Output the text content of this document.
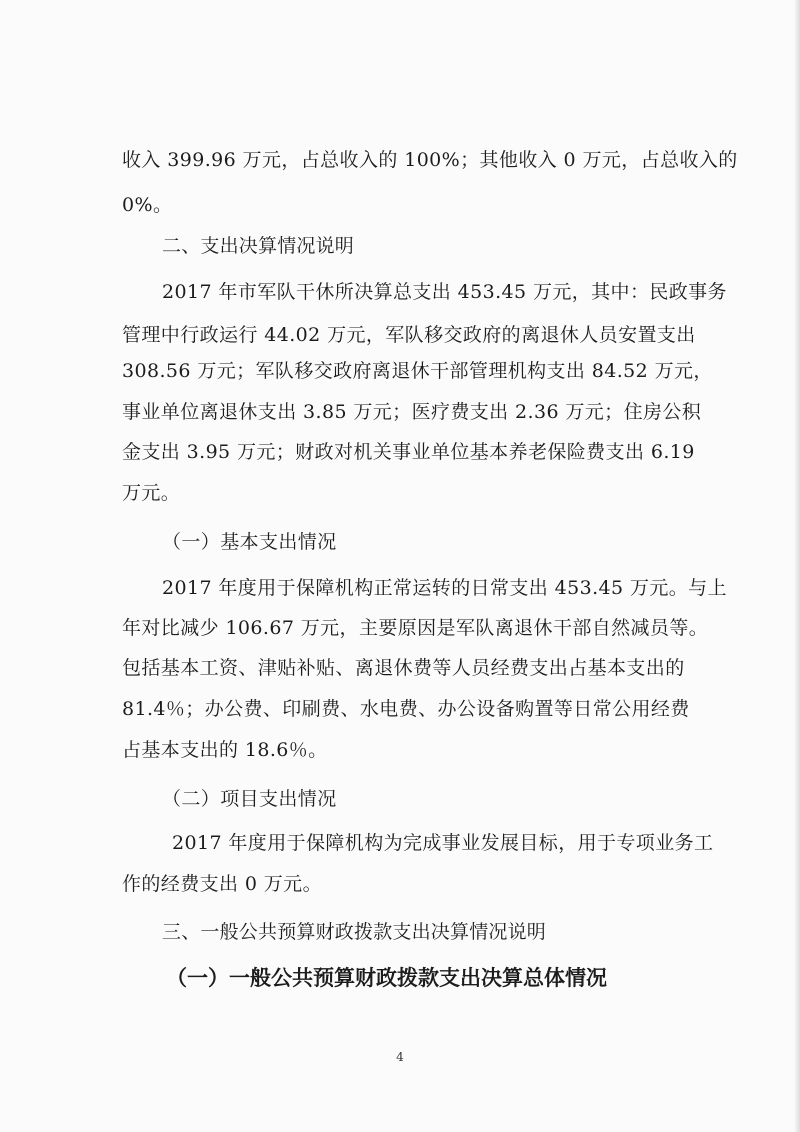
收入 399.96 万元，占总收入的 100%；其他收入 0 万元，占总收入的
0%。
二、支出决算情况说明
2017 年市军队干休所决算总支出 453.45 万元，其中：民政事务
管理中行政运行 44.02 万元，军队移交政府的离退休人员安置支出
308.56 万元；军队移交政府离退休干部管理机构支出 84.52 万元，
事业单位离退休支出 3.85 万元；医疗费支出 2.36 万元；住房公积
金支出 3.95 万元；财政对机关事业单位基本养老保险费支出 6.19
万元。
（一）基本支出情况
2017 年度用于保障机构正常运转的日常支出 453.45 万元。与上
年对比减少 106.67 万元，主要原因是军队离退休干部自然减员等。
包括基本工资、津贴补贴、离退休费等人员经费支出占基本支出的
81.4％；办公费、印刷费、水电费、办公设备购置等日常公用经费
占基本支出的 18.6％。
（二）项目支出情况
2017 年度用于保障机构为完成事业发展目标，用于专项业务工
作的经费支出 0 万元。
三、一般公共预算财政拨款支出决算情况说明
（一）一般公共预算财政拨款支出决算总体情况
4
